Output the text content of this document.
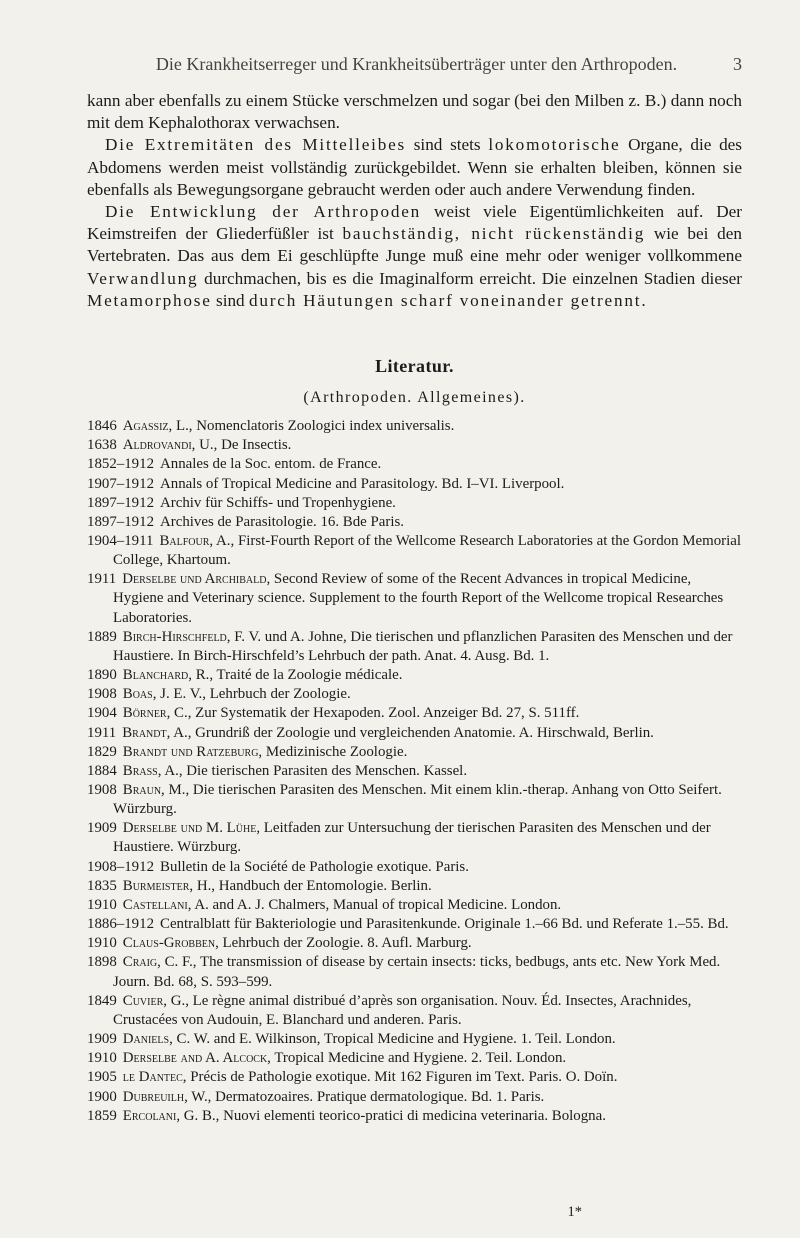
Die Krankheitserreger und Krankheitsüberträger unter den Arthropoden.	3

kann aber ebenfalls zu einem Stücke verschmelzen und sogar (bei den Milben z. B.) dann noch mit dem Kephalothorax verwachsen.

Die Extremitäten des Mittelleibes sind stets lokomotorische Organe, die des Abdomens werden meist vollständig zurückgebildet. Wenn sie erhalten bleiben, können sie ebenfalls als Bewegungsorgane gebraucht werden oder auch andere Verwendung finden.

Die Entwicklung der Arthropoden weist viele Eigentümlichkeiten auf. Der Keimstreifen der Gliederfüßler ist bauchständig, nicht rückenständig wie bei den Vertebraten. Das aus dem Ei geschlüpfte Junge muß eine mehr oder weniger vollkommene Verwandlung durchmachen, bis es die Imaginalform erreicht. Die einzelnen Stadien dieser Metamorphose sind durch Häutungen scharf voneinander getrennt.

Literatur.
(Arthropoden. Allgemeines).
1846 Agassiz, L., Nomenclatoris Zoologici index universalis.
1638 Aldrovandi, U., De Insectis.
1852–1912 Annales de la Soc. entom. de France.
1907–1912 Annals of Tropical Medicine and Parasitology. Bd. I–VI. Liverpool.
1897–1912 Archiv für Schiffs- und Tropenhygiene.
1897–1912 Archives de Parasitologie. 16. Bde Paris.
1904–1911 Balfour, A., First-Fourth Report of the Wellcome Research Laboratories at the Gordon Memorial College, Khartoum.
1911 Derselbe und Archibald, Second Review of some of the Recent Advances in tropical Medicine, Hygiene and Veterinary science. Supplement to the fourth Report of the Wellcome tropical Researches Laboratories.
1889 Birch-Hirschfeld, F. V. und A. Johne, Die tierischen und pflanzlichen Parasiten des Menschen und der Haustiere. In Birch-Hirschfeld’s Lehrbuch der path. Anat. 4. Ausg. Bd. 1.
1890 Blanchard, R., Traité de la Zoologie médicale.
1908 Boas, J. E. V., Lehrbuch der Zoologie.
1904 Börner, C., Zur Systematik der Hexapoden. Zool. Anzeiger Bd. 27, S. 511ff.
1911 Brandt, A., Grundriß der Zoologie und vergleichenden Anatomie. A. Hirschwald, Berlin.
1829 Brandt und Ratzeburg, Medizinische Zoologie.
1884 Brass, A., Die tierischen Parasiten des Menschen. Kassel.
1908 Braun, M., Die tierischen Parasiten des Menschen. Mit einem klin.-therap. Anhang von Otto Seifert. Würzburg.
1909 Derselbe und M. Lühe, Leitfaden zur Untersuchung der tierischen Parasiten des Menschen und der Haustiere. Würzburg.
1908–1912 Bulletin de la Société de Pathologie exotique. Paris.
1835 Burmeister, H., Handbuch der Entomologie. Berlin.
1910 Castellani, A. and A. J. Chalmers, Manual of tropical Medicine. London.
1886–1912 Centralblatt für Bakteriologie und Parasitenkunde. Originale 1.–66 Bd. und Referate 1.–55. Bd.
1910 Claus-Grobben, Lehrbuch der Zoologie. 8. Aufl. Marburg.
1898 Craig, C. F., The transmission of disease by certain insects: ticks, bedbugs, ants etc. New York Med. Journ. Bd. 68, S. 593–599.
1849 Cuvier, G., Le règne animal distribué d’après son organisation. Nouv. Éd. Insectes, Arachnides, Crustacées von Audouin, E. Blanchard und anderen. Paris.
1909 Daniels, C. W. and E. Wilkinson, Tropical Medicine and Hygiene. 1. Teil. London.
1910 Derselbe and A. Alcock, Tropical Medicine and Hygiene. 2. Teil. London.
1905 le Dantec, Précis de Pathologie exotique. Mit 162 Figuren im Text. Paris. O. Doïn.
1900 Dubreuilh, W., Dermatozoaires. Pratique dermatologique. Bd. 1. Paris.
1859 Ercolani, G. B., Nuovi elementi teorico-pratici di medicina veterinaria. Bologna.
1*
